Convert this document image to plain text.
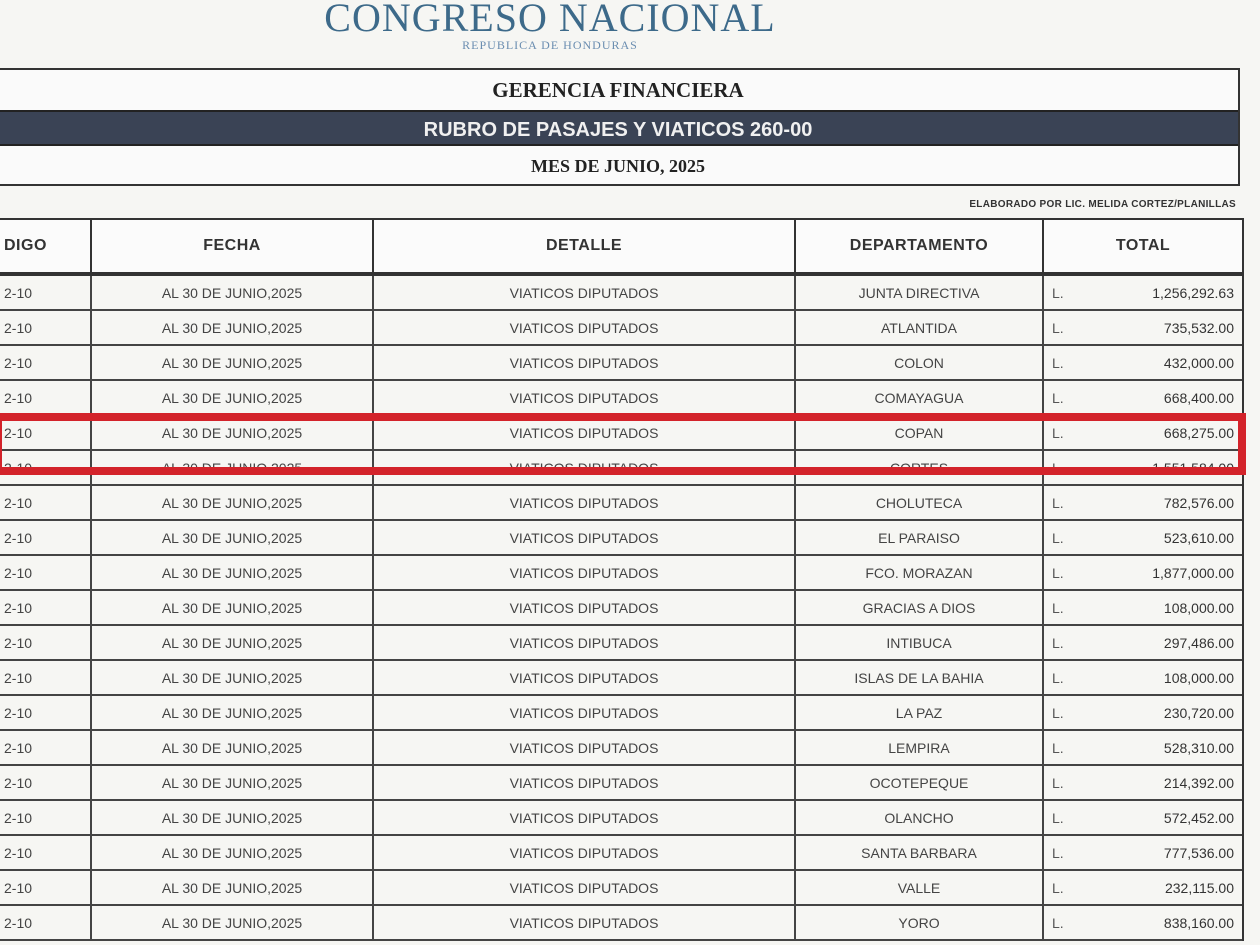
CONGRESO NACIONAL
REPUBLICA DE HONDURAS
GERENCIA FINANCIERA
RUBRO DE PASAJES Y VIATICOS 260-00
MES DE JUNIO, 2025
ELABORADO POR LIC. MELIDA CORTEZ/PLANILLAS
DIGO	FECHA	DETALLE	DEPARTAMENTO	TOTAL
2-10	AL 30 DE JUNIO,2025	VIATICOS DIPUTADOS	JUNTA DIRECTIVA	L.	1,256,292.63
2-10	AL 30 DE JUNIO,2025	VIATICOS DIPUTADOS	ATLANTIDA	L.	735,532.00
2-10	AL 30 DE JUNIO,2025	VIATICOS DIPUTADOS	COLON	L.	432,000.00
2-10	AL 30 DE JUNIO,2025	VIATICOS DIPUTADOS	COMAYAGUA	L.	668,400.00
2-10	AL 30 DE JUNIO,2025	VIATICOS DIPUTADOS	COPAN	L.	668,275.00
2-10	AL 30 DE JUNIO,2025	VIATICOS DIPUTADOS	CORTES	L.	1,551,584.00
2-10	AL 30 DE JUNIO,2025	VIATICOS DIPUTADOS	CHOLUTECA	L.	782,576.00
2-10	AL 30 DE JUNIO,2025	VIATICOS DIPUTADOS	EL PARAISO	L.	523,610.00
2-10	AL 30 DE JUNIO,2025	VIATICOS DIPUTADOS	FCO. MORAZAN	L.	1,877,000.00
2-10	AL 30 DE JUNIO,2025	VIATICOS DIPUTADOS	GRACIAS A DIOS	L.	108,000.00
2-10	AL 30 DE JUNIO,2025	VIATICOS DIPUTADOS	INTIBUCA	L.	297,486.00
2-10	AL 30 DE JUNIO,2025	VIATICOS DIPUTADOS	ISLAS DE LA BAHIA	L.	108,000.00
2-10	AL 30 DE JUNIO,2025	VIATICOS DIPUTADOS	LA PAZ	L.	230,720.00
2-10	AL 30 DE JUNIO,2025	VIATICOS DIPUTADOS	LEMPIRA	L.	528,310.00
2-10	AL 30 DE JUNIO,2025	VIATICOS DIPUTADOS	OCOTEPEQUE	L.	214,392.00
2-10	AL 30 DE JUNIO,2025	VIATICOS DIPUTADOS	OLANCHO	L.	572,452.00
2-10	AL 30 DE JUNIO,2025	VIATICOS DIPUTADOS	SANTA BARBARA	L.	777,536.00
2-10	AL 30 DE JUNIO,2025	VIATICOS DIPUTADOS	VALLE	L.	232,115.00
2-10	AL 30 DE JUNIO,2025	VIATICOS DIPUTADOS	YORO	L.	838,160.00
